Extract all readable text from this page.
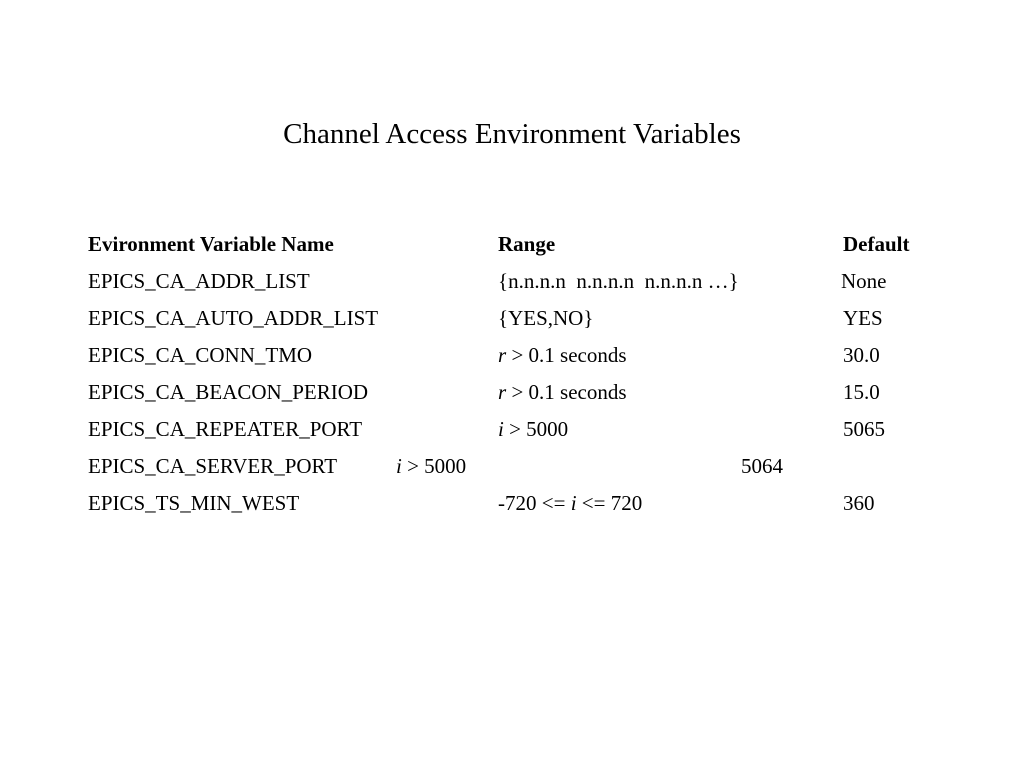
Channel Access Environment Variables
Evironment Variable Name	Range	Default
EPICS_CA_ADDR_LIST	{n.n.n.n  n.n.n.n  n.n.n.n …}	None
EPICS_CA_AUTO_ADDR_LIST	{YES,NO}	YES
EPICS_CA_CONN_TMO	r > 0.1 seconds	30.0
EPICS_CA_BEACON_PERIOD	r > 0.1 seconds	15.0
EPICS_CA_REPEATER_PORT	i > 5000	5065
EPICS_CA_SERVER_PORT	i > 5000	5064
EPICS_TS_MIN_WEST	-720 <= i <= 720	360
